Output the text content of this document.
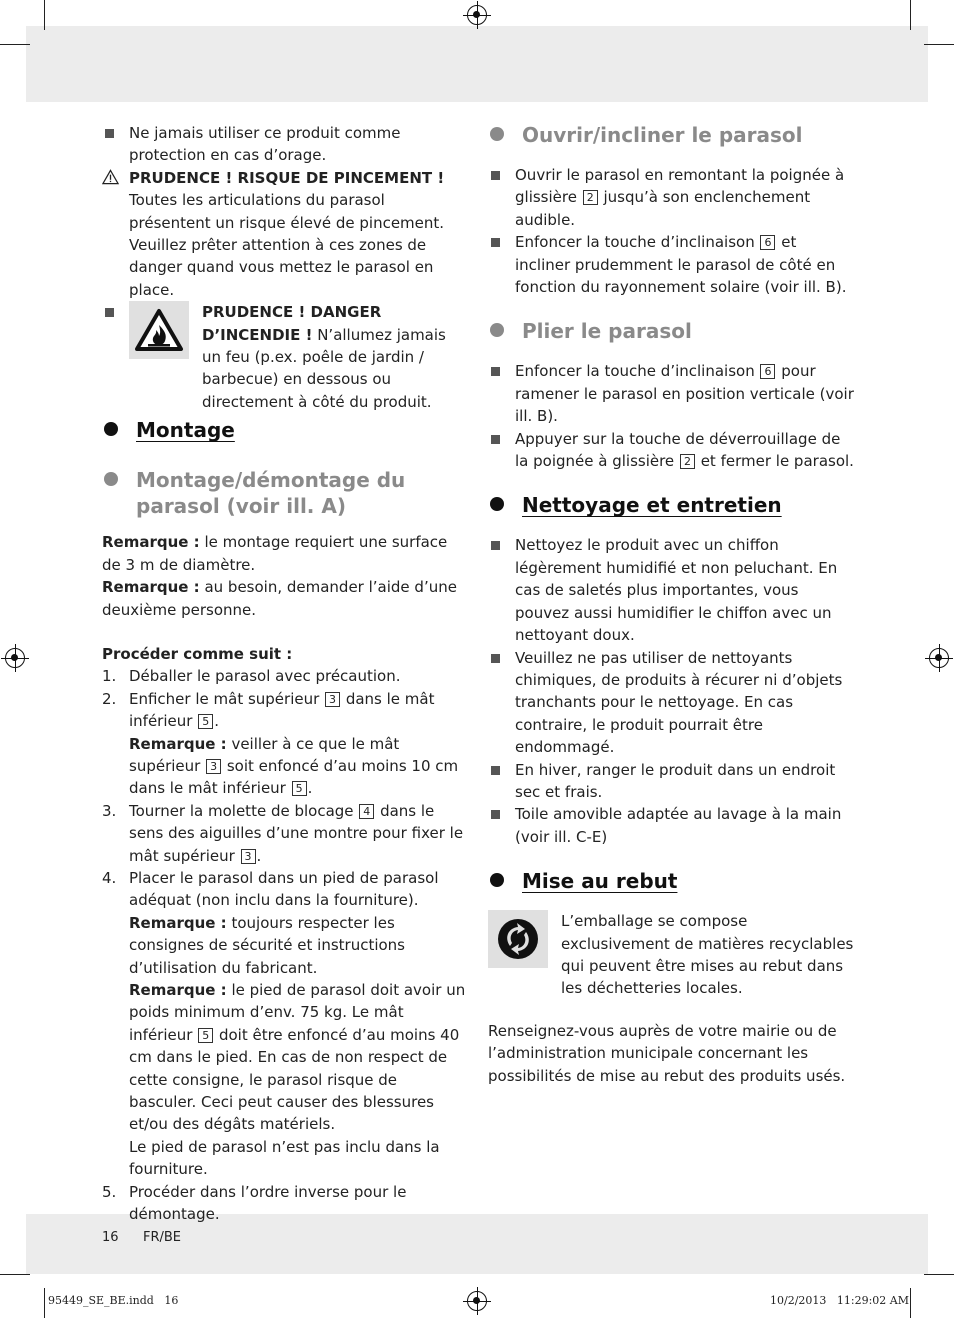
Ne jamais utiliser ce produit comme protection en cas d’orage.
PRUDENCE ! RISQUE DE PINCEMENT ! Toutes les articulations du parasol présentent un risque élevé de pincement. Veuillez prêter attention à ces zones de danger quand vous mettez le parasol en place.
PRUDENCE ! DANGER D’INCENDIE ! N’allumez jamais un feu (p.ex. poêle de jardin / barbecue) en dessous ou directement à côté du produit.
Montage
Montage/démontage du parasol (voir ill. A)
Remarque : le montage requiert une surface de 3 m de diamètre.
Remarque : au besoin, demander l’aide d’une deuxième personne.
Procéder comme suit :
1. Déballer le parasol avec précaution.
2. Enficher le mât supérieur 3 dans le mât inférieur 5 .
Remarque : veiller à ce que le mât supérieur 3 soit enfoncé d’au moins 10 cm dans le mât inférieur 5 .
3. Tourner la molette de blocage 4 dans le sens des aiguilles d’une montre pour fixer le mât supérieur 3 .
4. Placer le parasol dans un pied de parasol adéquat (non inclu dans la fourniture).
Remarque : toujours respecter les consignes de sécurité et instructions d’utilisation du fabricant.
Remarque : le pied de parasol doit avoir un poids minimum d’env. 75 kg. Le mât inférieur 5 doit être enfoncé d’au moins 40 cm dans le pied. En cas de non respect de cette consigne, le parasol risque de basculer. Ceci peut causer des blessures et/ou des dégâts matériels.
Le pied de parasol n’est pas inclu dans la fourniture.
5. Procéder dans l’ordre inverse pour le démontage.
Ouvrir/incliner le parasol
Ouvrir le parasol en remontant la poignée à glissière 2 jusqu’à son enclenchement audible.
Enfoncer la touche d’inclinaison 6 et incliner prudemment le parasol de côté en fonction du rayonnement solaire (voir ill. B).
Plier le parasol
Enfoncer la touche d’inclinaison 6 pour ramener le parasol en position verticale (voir ill. B).
Appuyer sur la touche de déverrouillage de la poignée à glissière 2 et fermer le parasol.
Nettoyage et entretien
Nettoyez le produit avec un chiffon légèrement humidifié et non peluchant. En cas de saletés plus importantes, vous pouvez aussi humidifier le chiffon avec un nettoyant doux.
Veuillez ne pas utiliser de nettoyants chimiques, de produits à récurer ni d’objets tranchants pour le nettoyage. En cas contraire, le produit pourrait être endommagé.
En hiver, ranger le produit dans un endroit sec et frais.
Toile amovible adaptée au lavage à la main (voir ill. C-E)
Mise au rebut
L’emballage se compose exclusivement de matières recyclables qui peuvent être mises au rebut dans les déchetteries locales.
Renseignez-vous auprès de votre mairie ou de l’administration municipale concernant les possibilités de mise au rebut des produits usés.
16 FR/BE
95449_SE_BE.indd   16	10/2/2013   11:29:02 AM
